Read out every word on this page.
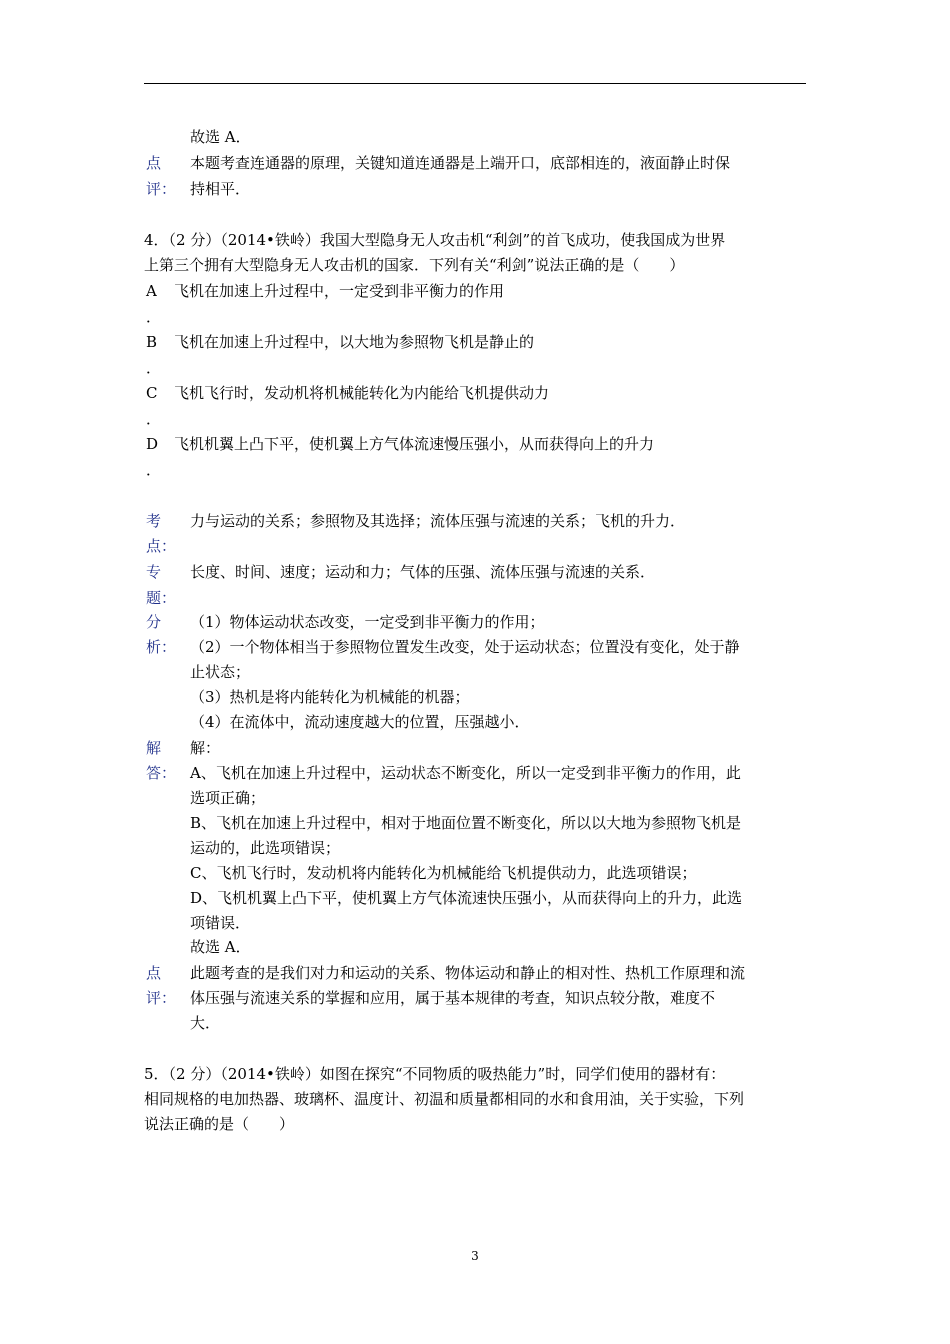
故选 A．
点
评：
本题考查连通器的原理，关键知道连通器是上端开口，底部相连的，液面静止时保
持相平．
4．（2 分）（2014•铁岭）我国大型隐身无人攻击机“利剑”的首飞成功，使我国成为世界
上第三个拥有大型隐身无人攻击机的国家．下列有关“利剑”说法正确的是（　　）
A 飞机在加速上升过程中，一定受到非平衡力的作用
．
B 飞机在加速上升过程中，以大地为参照物飞机是静止的
．
C 飞机飞行时，发动机将机械能转化为内能给飞机提供动力
．
D 飞机机翼上凸下平，使机翼上方气体流速慢压强小，从而获得向上的升力
．
考
点：
力与运动的关系；参照物及其选择；流体压强与流速的关系；飞机的升力．
专
题：
长度、时间、速度；运动和力；气体的压强、流体压强与流速的关系．
分
析：
（1）物体运动状态改变，一定受到非平衡力的作用；
（2）一个物体相当于参照物位置发生改变，处于运动状态；位置没有变化，处于静
止状态；
（3）热机是将内能转化为机械能的机器；
（4）在流体中，流动速度越大的位置，压强越小．
解
答：
解：
A、飞机在加速上升过程中，运动状态不断变化，所以一定受到非平衡力的作用，此
选项正确；
B、飞机在加速上升过程中，相对于地面位置不断变化，所以以大地为参照物飞机是
运动的，此选项错误；
C、飞机飞行时，发动机将内能转化为机械能给飞机提供动力，此选项错误；
D、飞机机翼上凸下平，使机翼上方气体流速快压强小，从而获得向上的升力，此选
项错误．
故选 A．
点
评：
此题考查的是我们对力和运动的关系、物体运动和静止的相对性、热机工作原理和流
体压强与流速关系的掌握和应用，属于基本规律的考查，知识点较分散，难度不
大．
5．（2 分）（2014•铁岭）如图在探究“不同物质的吸热能力”时，同学们使用的器材有：
相同规格的电加热器、玻璃杯、温度计、初温和质量都相同的水和食用油，关于实验，下列
说法正确的是（　　）
3
